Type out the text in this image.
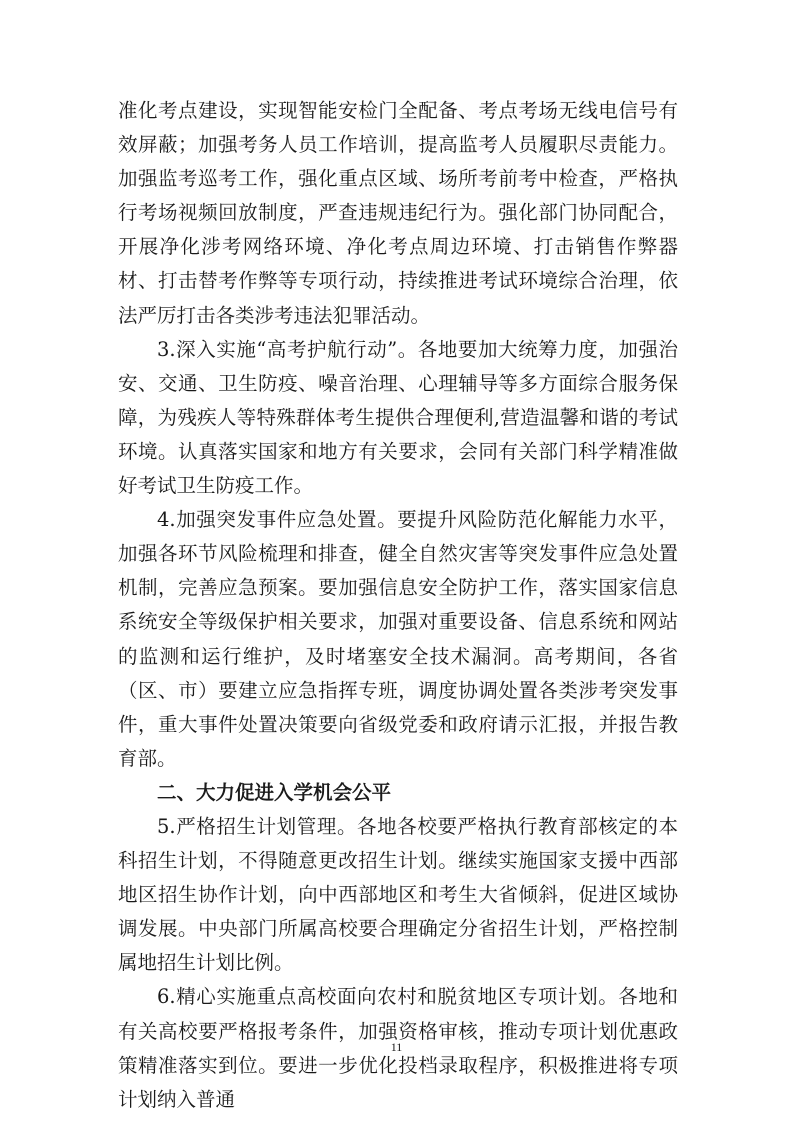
准化考点建设，实现智能安检门全配备、考点考场无线电信号有效屏蔽；加强考务人员工作培训，提高监考人员履职尽责能力。加强监考巡考工作，强化重点区域、场所考前考中检查，严格执行考场视频回放制度，严查违规违纪行为。强化部门协同配合，开展净化涉考网络环境、净化考点周边环境、打击销售作弊器材、打击替考作弊等专项行动，持续推进考试环境综合治理，依法严厉打击各类涉考违法犯罪活动。

3.深入实施“高考护航行动”。各地要加大统筹力度，加强治安、交通、卫生防疫、噪音治理、心理辅导等多方面综合服务保障，为残疾人等特殊群体考生提供合理便利,营造温馨和谐的考试环境。认真落实国家和地方有关要求，会同有关部门科学精准做好考试卫生防疫工作。

4.加强突发事件应急处置。要提升风险防范化解能力水平，加强各环节风险梳理和排查，健全自然灾害等突发事件应急处置机制，完善应急预案。要加强信息安全防护工作，落实国家信息系统安全等级保护相关要求，加强对重要设备、信息系统和网站的监测和运行维护，及时堵塞安全技术漏洞。高考期间，各省（区、市）要建立应急指挥专班，调度协调处置各类涉考突发事件，重大事件处置决策要向省级党委和政府请示汇报，并报告教育部。

二、大力促进入学机会公平

5.严格招生计划管理。各地各校要严格执行教育部核定的本科招生计划，不得随意更改招生计划。继续实施国家支援中西部地区招生协作计划，向中西部地区和考生大省倾斜，促进区域协调发展。中央部门所属高校要合理确定分省招生计划，严格控制属地招生计划比例。

6.精心实施重点高校面向农村和脱贫地区专项计划。各地和有关高校要严格报考条件，加强资格审核，推动专项计划优惠政策精准落实到位。要进一步优化投档录取程序，积极推进将专项计划纳入普通

11
